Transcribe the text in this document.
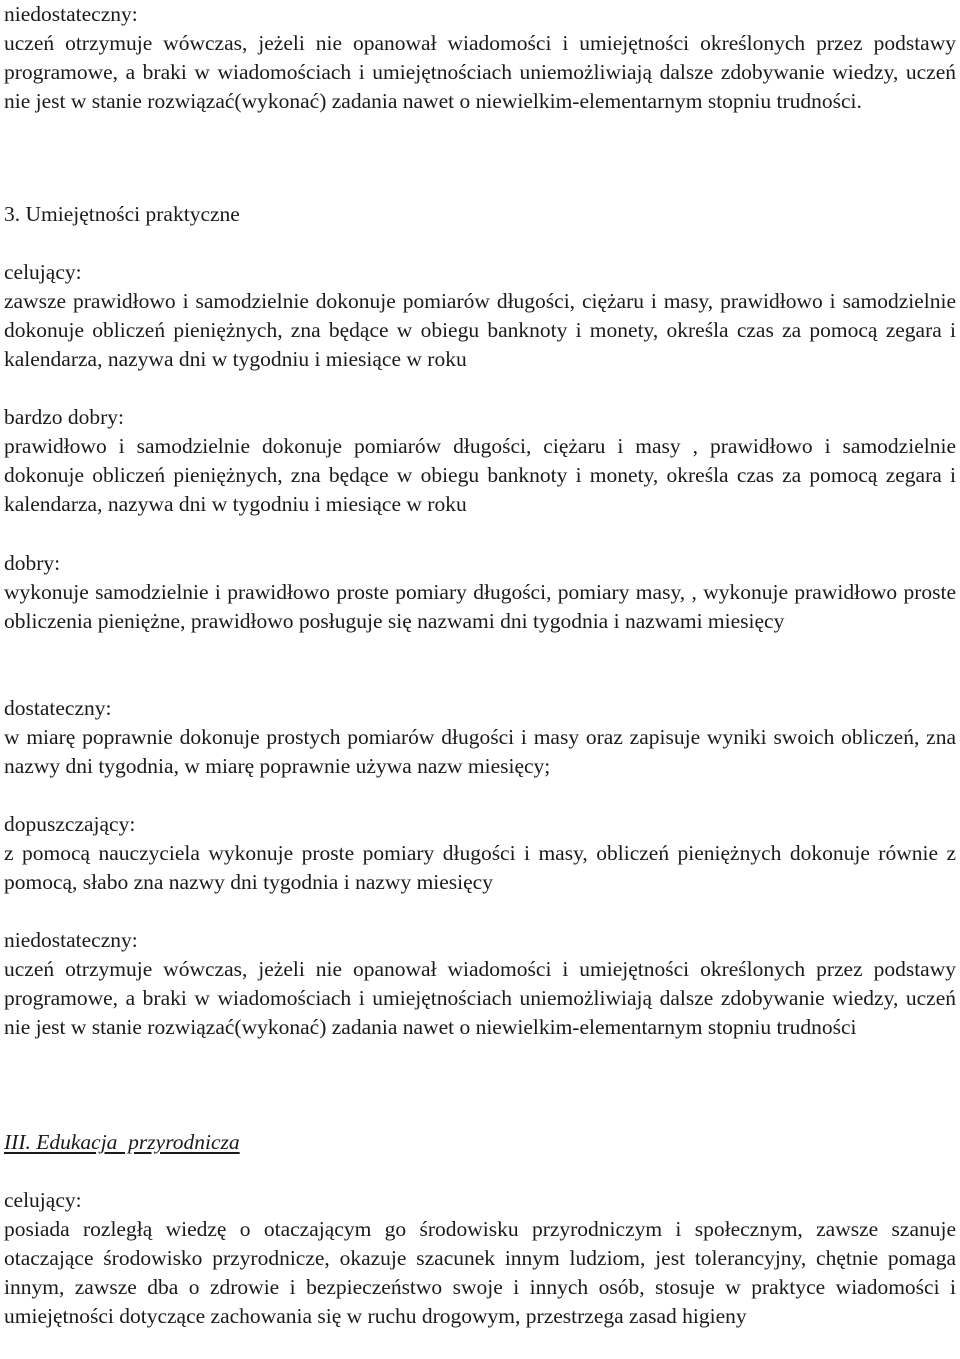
niedostateczny:

uczeń otrzymuje wówczas, jeżeli nie opanował wiadomości i umiejętności określonych przez podstawy programowe, a braki w wiadomościach i umiejętnościach uniemożliwiają dalsze zdobywanie wiedzy, uczeń nie jest w stanie rozwiązać(wykonać) zadania nawet o niewielkim-elementarnym stopniu trudności.

3. Umiejętności praktyczne

celujący:

zawsze prawidłowo i samodzielnie dokonuje pomiarów długości, ciężaru i masy, prawidłowo i samodzielnie dokonuje obliczeń pieniężnych, zna będące w obiegu banknoty i monety, określa czas za pomocą zegara i kalendarza, nazywa dni w tygodniu i miesiące w roku

bardzo dobry:

prawidłowo i samodzielnie dokonuje pomiarów długości, ciężaru i masy , prawidłowo i samodzielnie dokonuje obliczeń pieniężnych, zna będące w obiegu banknoty i monety, określa czas za pomocą zegara i kalendarza, nazywa dni w tygodniu i miesiące w roku

dobry:

wykonuje samodzielnie i prawidłowo proste pomiary długości, pomiary masy, , wykonuje prawidłowo proste obliczenia pieniężne, prawidłowo posługuje się nazwami dni tygodnia i nazwami miesięcy

dostateczny:

w miarę poprawnie dokonuje prostych pomiarów długości i masy oraz zapisuje wyniki swoich obliczeń, zna nazwy dni tygodnia, w miarę poprawnie używa nazw miesięcy;

dopuszczający:

z pomocą nauczyciela wykonuje proste pomiary długości i masy, obliczeń pieniężnych dokonuje równie z pomocą, słabo zna nazwy dni tygodnia i nazwy miesięcy

niedostateczny:

uczeń otrzymuje wówczas, jeżeli nie opanował wiadomości i umiejętności określonych przez podstawy programowe, a braki w wiadomościach i umiejętnościach uniemożliwiają dalsze zdobywanie wiedzy, uczeń nie jest w stanie rozwiązać(wykonać) zadania nawet o niewielkim-elementarnym stopniu trudności

III. Edukacja  przyrodnicza

celujący:

posiada rozległą wiedzę o otaczającym go środowisku przyrodniczym i społecznym, zawsze szanuje otaczające środowisko przyrodnicze, okazuje szacunek innym ludziom, jest tolerancyjny, chętnie pomaga innym, zawsze dba o zdrowie i bezpieczeństwo swoje i innych osób, stosuje w praktyce wiadomości i umiejętności dotyczące zachowania się w ruchu drogowym, przestrzega zasad higieny
